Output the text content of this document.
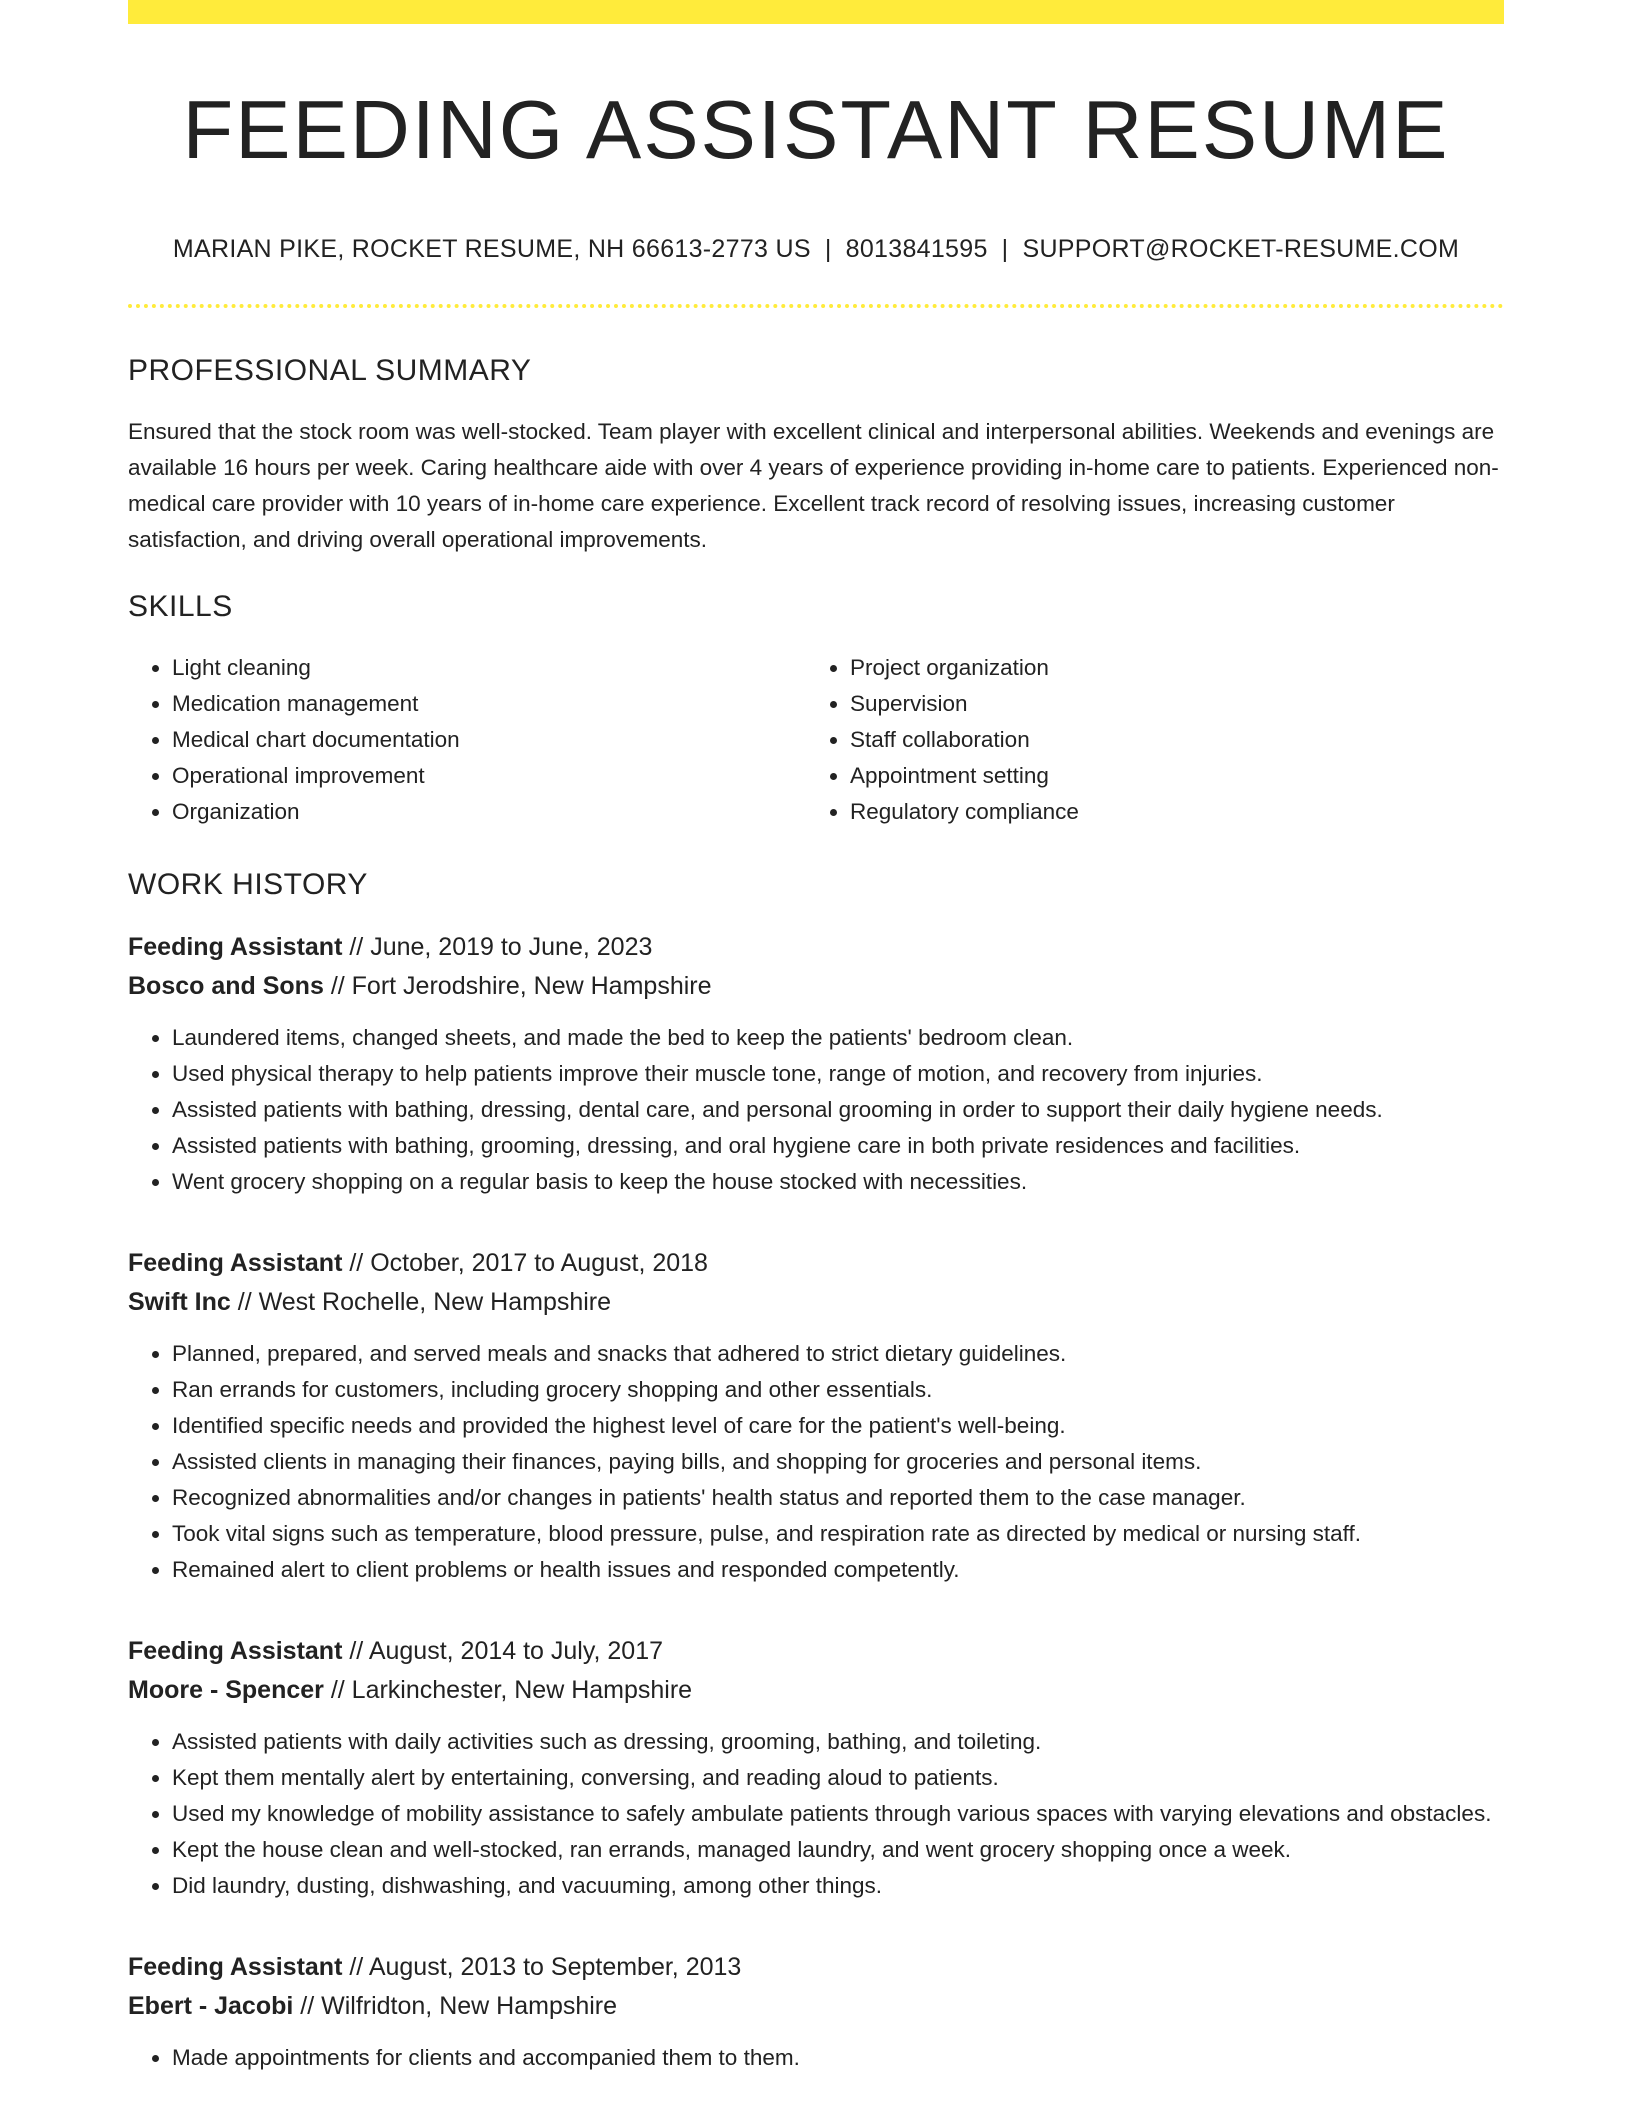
FEEDING ASSISTANT RESUME
MARIAN PIKE, ROCKET RESUME, NH 66613-2773 US | 8013841595 | SUPPORT@ROCKET-RESUME.COM
PROFESSIONAL SUMMARY

Ensured that the stock room was well-stocked. Team player with excellent clinical and interpersonal abilities. Weekends and evenings are available 16 hours per week. Caring healthcare aide with over 4 years of experience providing in-home care to patients. Experienced non-medical care provider with 10 years of in-home care experience. Excellent track record of resolving issues, increasing customer satisfaction, and driving overall operational improvements.

SKILLS
• Light cleaning
• Medication management
• Medical chart documentation
• Operational improvement
• Organization
• Project organization
• Supervision
• Staff collaboration
• Appointment setting
• Regulatory compliance
WORK HISTORY
Feeding Assistant // June, 2019 to June, 2023
Bosco and Sons // Fort Jerodshire, New Hampshire
• Laundered items, changed sheets, and made the bed to keep the patients' bedroom clean.
• Used physical therapy to help patients improve their muscle tone, range of motion, and recovery from injuries.
• Assisted patients with bathing, dressing, dental care, and personal grooming in order to support their daily hygiene needs.
• Assisted patients with bathing, grooming, dressing, and oral hygiene care in both private residences and facilities.
• Went grocery shopping on a regular basis to keep the house stocked with necessities.
Feeding Assistant // October, 2017 to August, 2018
Swift Inc // West Rochelle, New Hampshire
• Planned, prepared, and served meals and snacks that adhered to strict dietary guidelines.
• Ran errands for customers, including grocery shopping and other essentials.
• Identified specific needs and provided the highest level of care for the patient's well-being.
• Assisted clients in managing their finances, paying bills, and shopping for groceries and personal items.
• Recognized abnormalities and/or changes in patients' health status and reported them to the case manager.
• Took vital signs such as temperature, blood pressure, pulse, and respiration rate as directed by medical or nursing staff.
• Remained alert to client problems or health issues and responded competently.
Feeding Assistant // August, 2014 to July, 2017
Moore - Spencer // Larkinchester, New Hampshire
• Assisted patients with daily activities such as dressing, grooming, bathing, and toileting.
• Kept them mentally alert by entertaining, conversing, and reading aloud to patients.
• Used my knowledge of mobility assistance to safely ambulate patients through various spaces with varying elevations and obstacles.
• Kept the house clean and well-stocked, ran errands, managed laundry, and went grocery shopping once a week.
• Did laundry, dusting, dishwashing, and vacuuming, among other things.
Feeding Assistant // August, 2013 to September, 2013
Ebert - Jacobi // Wilfridton, New Hampshire
• Made appointments for clients and accompanied them to them.
